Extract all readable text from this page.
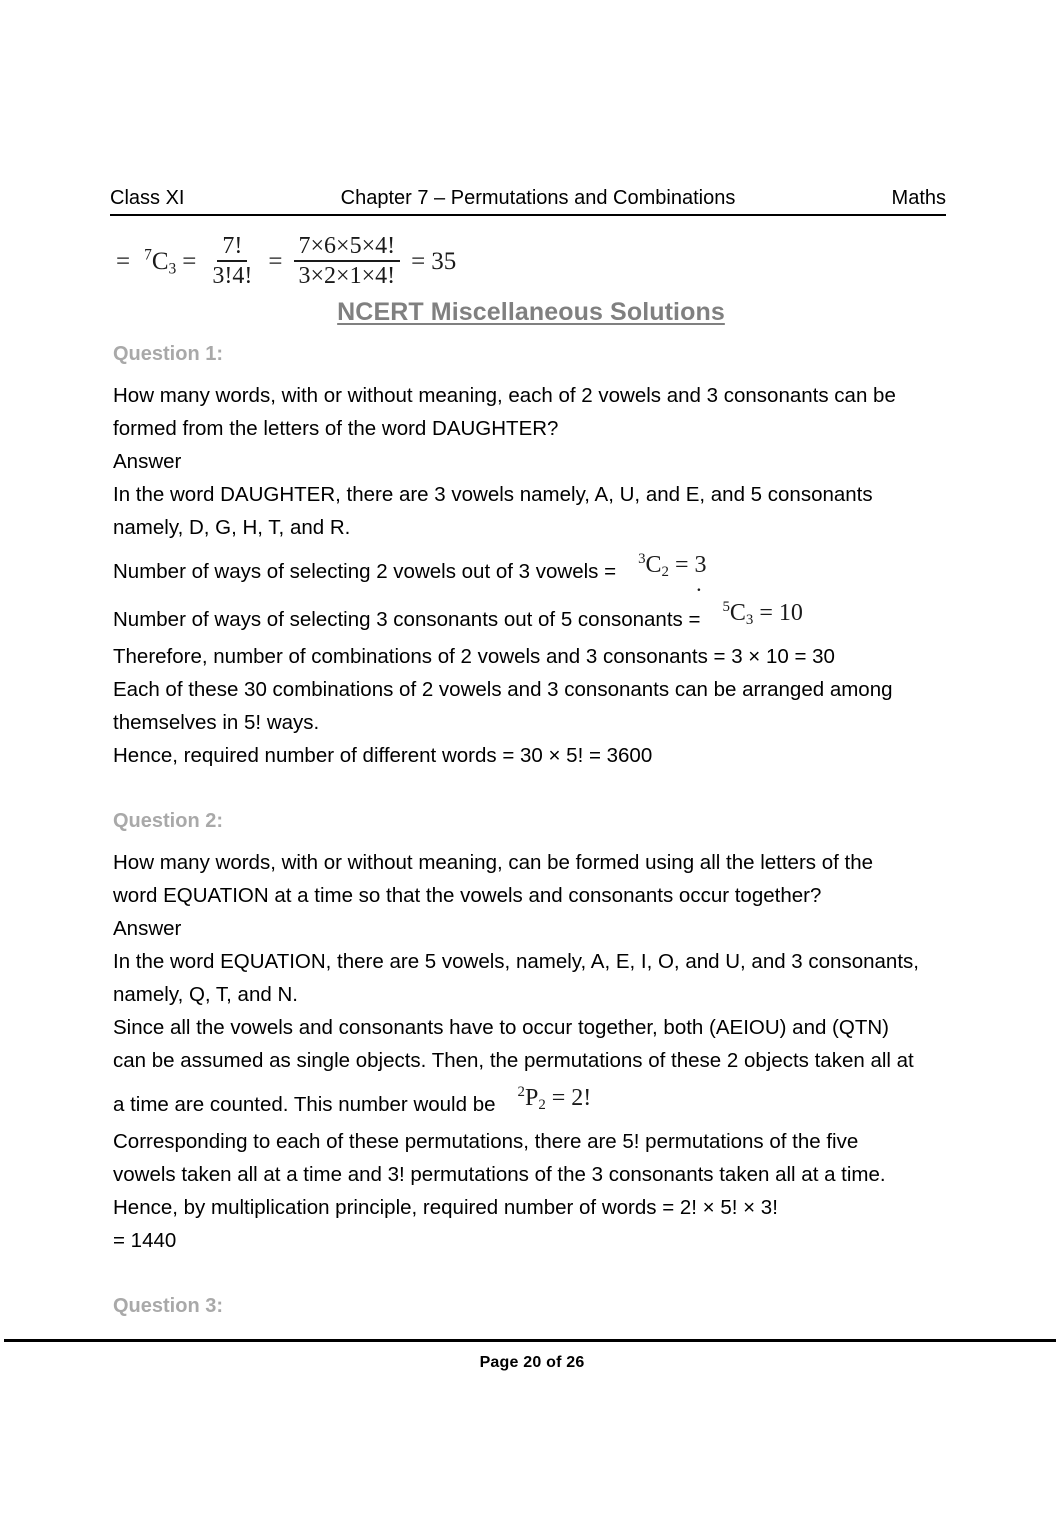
Class XI	Chapter 7 – Permutations and Combinations	Maths
= $^7C_3 = \frac{7!}{3!4!} = \frac{7\times 6\times 5\times 4!}{3\times 2\times 1\times 4!} = 35$
NCERT Miscellaneous Solutions
Question 1:
How many words, with or without meaning, each of 2 vowels and 3 consonants can be
formed from the letters of the word DAUGHTER?
Answer
In the word DAUGHTER, there are 3 vowels namely, A, U, and E, and 5 consonants
namely, D, G, H, T, and R.
Number of ways of selecting 2 vowels out of 3 vowels =
$^3C_2 = 3$
.
Number of ways of selecting 3 consonants out of 5 consonants =
$^5C_3 = 10$
Therefore, number of combinations of 2 vowels and 3 consonants = 3 × 10 = 30
Each of these 30 combinations of 2 vowels and 3 consonants can be arranged among
themselves in 5! ways.
Hence, required number of different words = 30 × 5! = 3600
Question 2:
How many words, with or without meaning, can be formed using all the letters of the
word EQUATION at a time so that the vowels and consonants occur together?
Answer
In the word EQUATION, there are 5 vowels, namely, A, E, I, O, and U, and 3 consonants,
namely, Q, T, and N.
Since all the vowels and consonants have to occur together, both (AEIOU) and (QTN)
can be assumed as single objects. Then, the permutations of these 2 objects taken all at
a time are counted. This number would be
$^2P_2 = 2$!
Corresponding to each of these permutations, there are 5! permutations of the five
vowels taken all at a time and 3! permutations of the 3 consonants taken all at a time.
Hence, by multiplication principle, required number of words = 2! × 5! × 3!
= 1440
Question 3:
Page 20 of 26
